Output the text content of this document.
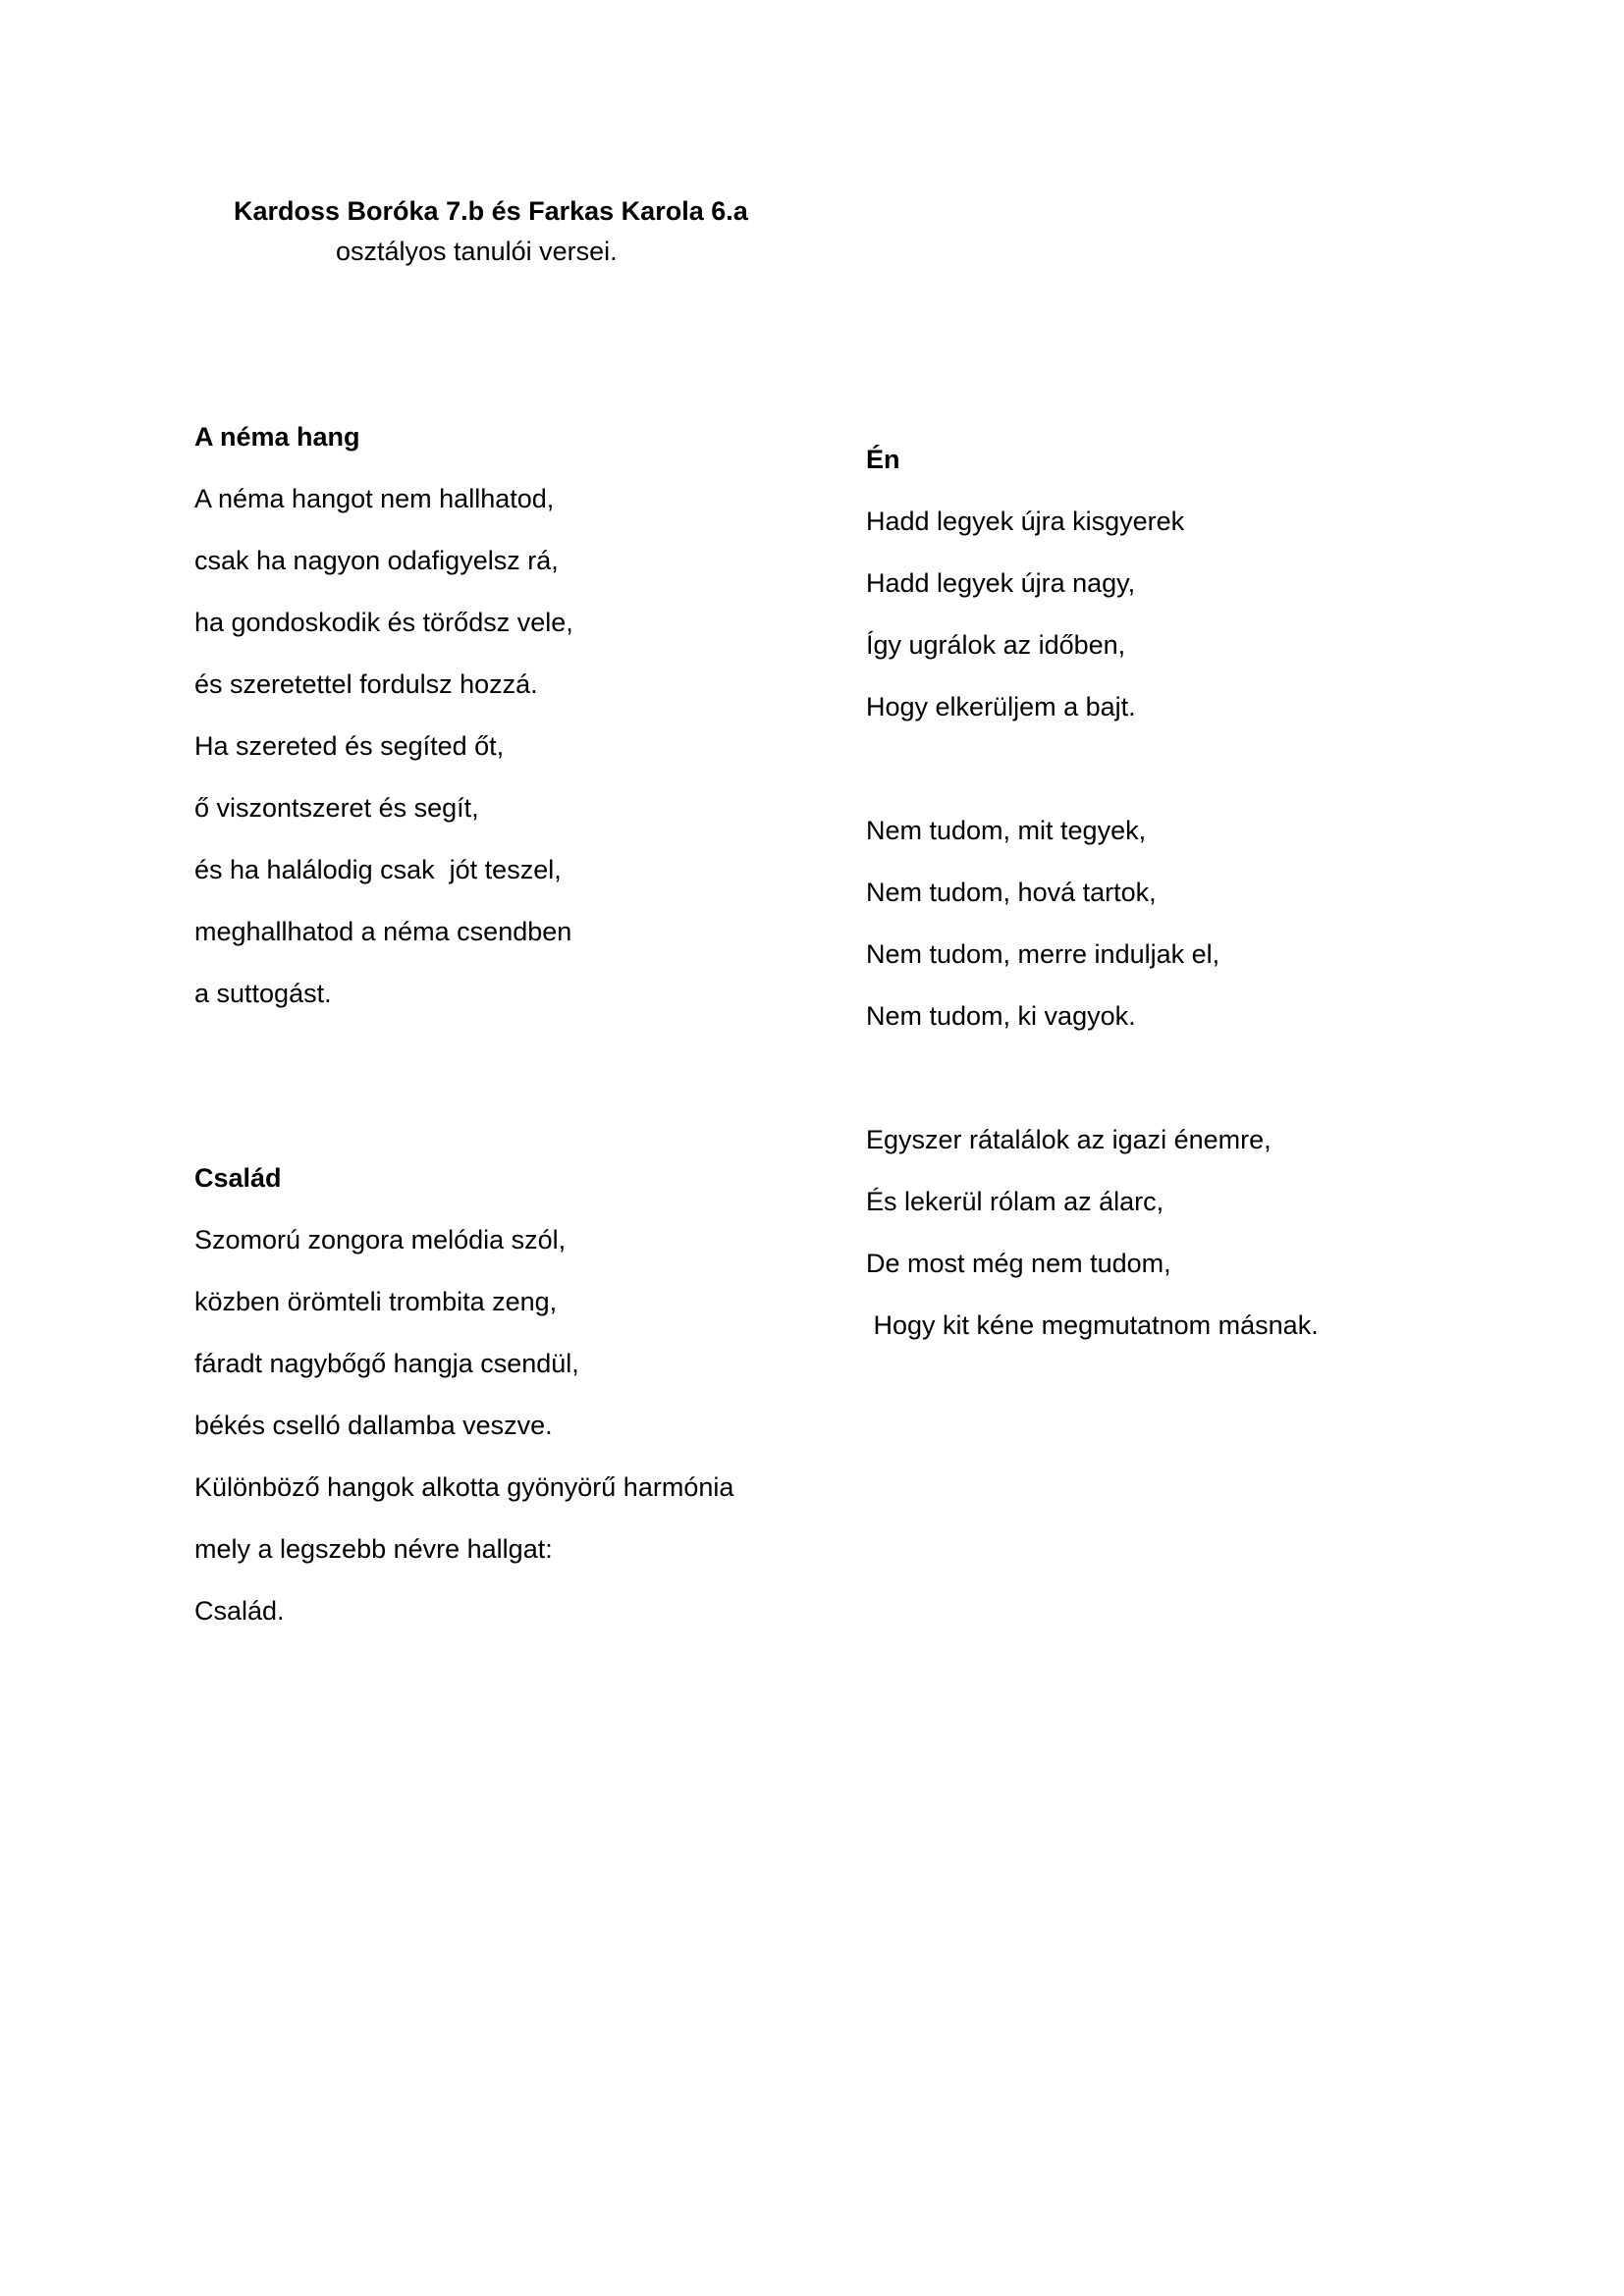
Kardoss Boróka 7.b és Farkas Karola 6.a
osztályos tanulói versei.
A néma hang
A néma hangot nem hallhatod,
csak ha nagyon odafigyelsz rá,
ha gondoskodik és törődsz vele,
és szeretettel fordulsz hozzá.
Ha szereted és segíted őt,
ő viszontszeret és segít,
és ha halálodig csak  jót teszel,
meghallhatod a néma csendben
a suttogást.
Család
Szomorú zongora melódia szól,
közben örömteli trombita zeng,
fáradt nagybőgő hangja csendül,
békés cselló dallamba veszve.
Különböző hangok alkotta gyönyörű harmónia
mely a legszebb névre hallgat:
Család.
Én
Hadd legyek újra kisgyerek
Hadd legyek újra nagy,
Így ugrálok az időben,
Hogy elkerüljem a bajt.
Nem tudom, mit tegyek,
Nem tudom, hová tartok,
Nem tudom, merre induljak el,
Nem tudom, ki vagyok.
Egyszer rátalálok az igazi énemre,
És lekerül rólam az álarc,
De most még nem tudom,
Hogy kit kéne megmutatnom másnak.
